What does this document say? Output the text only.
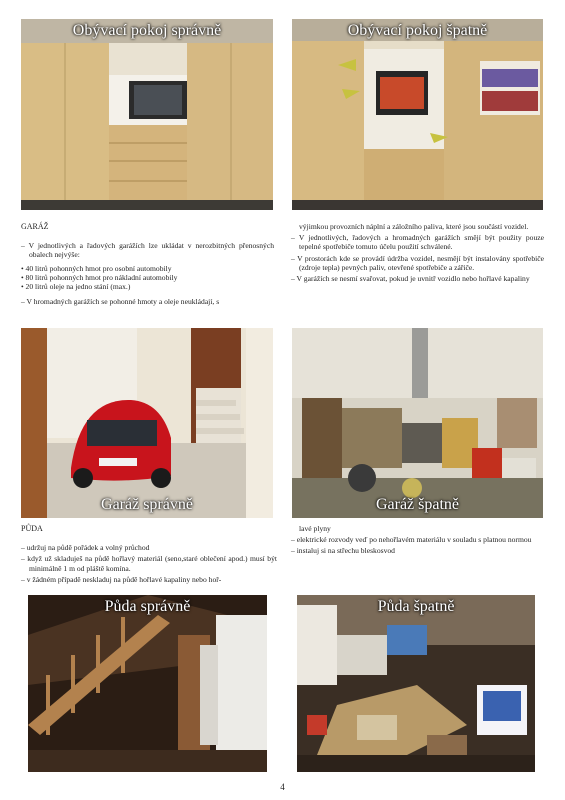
Obývací pokoj správně	Obývací pokoj špatně

GARÁŽ

– V jednotlivých a řadových garážích lze ukládat v nerozbitných přenosných obalech nejvýše:

• 40 litrů pohonných hmot pro osobní automobily

• 80 litrů pohonných hmot pro nákladní automobily

• 20 litrů oleje na jedno stání (max.)

– V hromadných garážích se pohonné hmoty a oleje neukládají, s

výjimkou provozních náplní a záložního paliva, které jsou součástí vozidel.

– V jednotlivých, řadových a hromadných garážích smějí být použity pouze tepelné spotřebiče tomuto účelu použití schválené.

– V prostorách kde se provádí údržba vozidel, nesmějí být instalovány spotřebiče (zdroje tepla) pevných paliv, otevřené spotřebiče a zářiče.

– V garážích se nesmí svařovat, pokud je uvnitř vozidlo nebo hořlavé kapaliny

Garáž správně	Garáž špatně

PŮDA

– udržuj na půdě pořádek a volný průchod

– když už skladuješ na půdě hořlavý materiál (seno,staré oblečení apod.) musí být minimálně 1 m od pláště komína.

– v žádném případě neskladuj na půdě hořlavé kapaliny nebo hoř-

lavé plyny

– elektrické rozvody veď po nehořlavém materiálu v souladu s platnou normou

– instaluj si na střechu bleskosvod

Půda správně	Půda špatně
4
